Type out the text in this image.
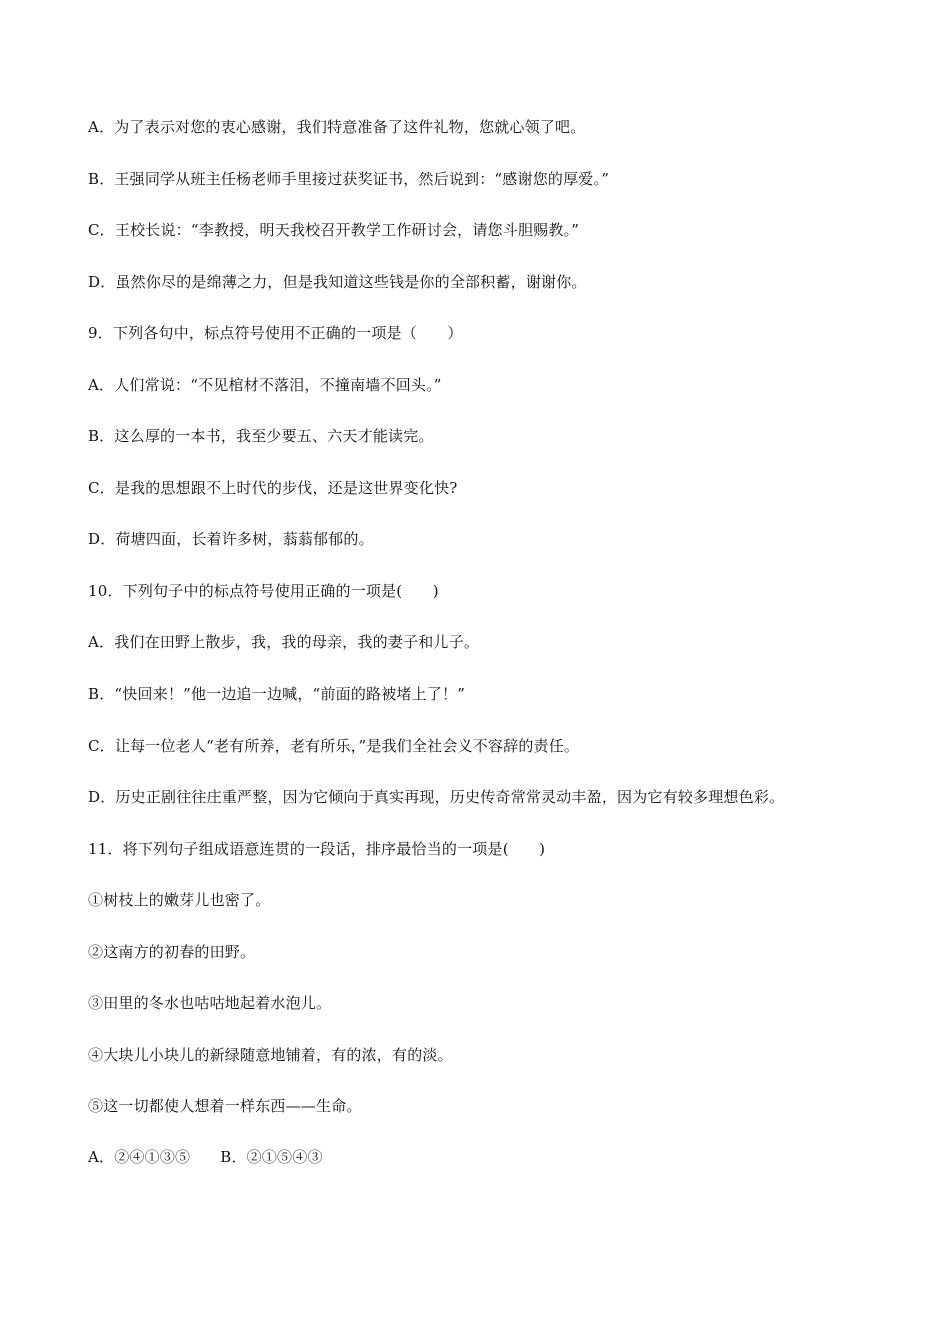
A．为了表示对您的衷心感谢，我们特意准备了这件礼物，您就心领了吧。
B．王强同学从班主任杨老师手里接过获奖证书，然后说到：“感谢您的厚爱。”
C．王校长说：“李教授，明天我校召开教学工作研讨会，请您斗胆赐教。”
D．虽然你尽的是绵薄之力，但是我知道这些钱是你的全部积蓄，谢谢你。
9．下列各句中，标点符号使用不正确的一项是（　　）
A．人们常说：“不见棺材不落泪，不撞南墙不回头。”
B．这么厚的一本书，我至少要五、六天才能读完。
C．是我的思想跟不上时代的步伐，还是这世界变化快?
D．荷塘四面，长着许多树，蓊蓊郁郁的。
10．下列句子中的标点符号使用正确的一项是(　　)
A．我们在田野上散步，我，我的母亲，我的妻子和儿子。
B．“快回来！”他一边追一边喊，“前面的路被堵上了！”
C．让每一位老人“老有所养，老有所乐，”是我们全社会义不容辞的责任。
D．历史正剧往往庄重严整，因为它倾向于真实再现，历史传奇常常灵动丰盈，因为它有较多理想色彩。
11．将下列句子组成语意连贯的一段话，排序最恰当的一项是(　　)
①树枝上的嫩芽儿也密了。
②这南方的初春的田野。
③田里的冬水也咕咕地起着水泡儿。
④大块儿小块儿的新绿随意地铺着，有的浓，有的淡。
⑤这一切都使人想着一样东西——生命。
A．②④①③⑤ B．②①⑤④③
